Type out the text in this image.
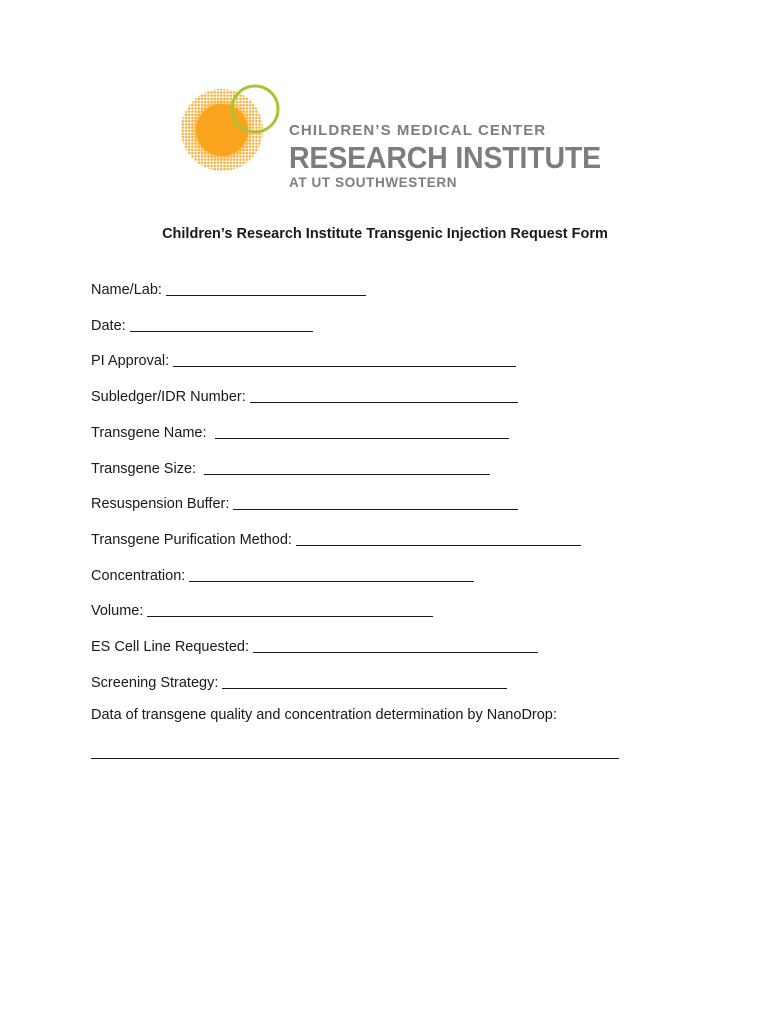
CHILDREN’S MEDICAL CENTER
RESEARCH INSTITUTE
AT UT SOUTHWESTERN
Children’s Research Institute Transgenic Injection Request Form
Name/Lab:
Date:
PI Approval:
Subledger/IDR Number:
Transgene Name:
Transgene Size:
Resuspension Buffer:
Transgene Purification Method:
Concentration:
Volume:
ES Cell Line Requested:
Screening Strategy:
Data of transgene quality and concentration determination by NanoDrop:
